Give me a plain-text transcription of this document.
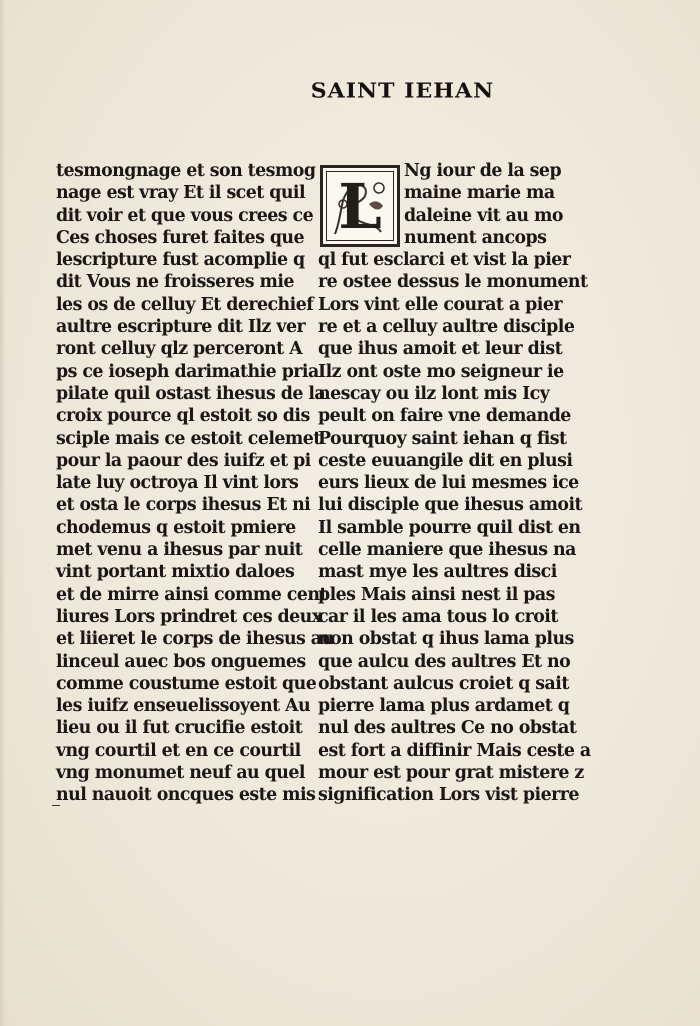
SAINT IEHAN
tesmongnage et son tesmog
nage est vray Et il scet quil
dit voir et que vous crees ce
Ces choses furet faites que
lescripture fust acomplie q
dit Vous ne froisseres mie
les os de celluy Et derechief
aultre escripture dit Ilz ver
ront celluy qlz perceront A
ps ce ioseph darimathie pria
pilate quil ostast ihesus de la
croix pource ql estoit so dis
sciple mais ce estoit celemet
pour la paour des iuifz et pi
late luy octroya Il vint lors
et osta le corps ihesus Et ni
chodemus q estoit pmiere
met venu a ihesus par nuit
vint portant mixtio daloes
et de mirre ainsi comme cent
liures Lors prindret ces deux
et liieret le corps de ihesus au
linceul auec bos onguemes
comme coustume estoit que
les iuifz enseuelissoyent Au
lieu ou il fut crucifie estoit
vng courtil et en ce courtil
vng monumet neuf au quel
nul nauoit oncques este mis
L	Ng iour de la sep
maine marie ma
daleine vit au mo
nument ancops
ql fut esclarci et vist la pier
re ostee dessus le monument
Lors vint elle courat a pier
re et a celluy aultre disciple
que ihus amoit et leur dist
Ilz ont oste mo seigneur ie
nescay ou ilz lont mis Icy
peult on faire vne demande
Pourquoy saint iehan q fist
ceste euuangile dit en plusi
eurs lieux de lui mesmes ice
lui disciple que ihesus amoit
Il samble pourre quil dist en
celle maniere que ihesus na
mast mye les aultres disci
ples Mais ainsi nest il pas
car il les ama tous lo croit
non obstat q ihus lama plus
que aulcu des aultres Et no
obstant aulcus croiet q sait
pierre lama plus ardamet q
nul des aultres Ce no obstat
est fort a diffinir Mais ceste a
mour est pour grat mistere z
signification Lors vist pierre
